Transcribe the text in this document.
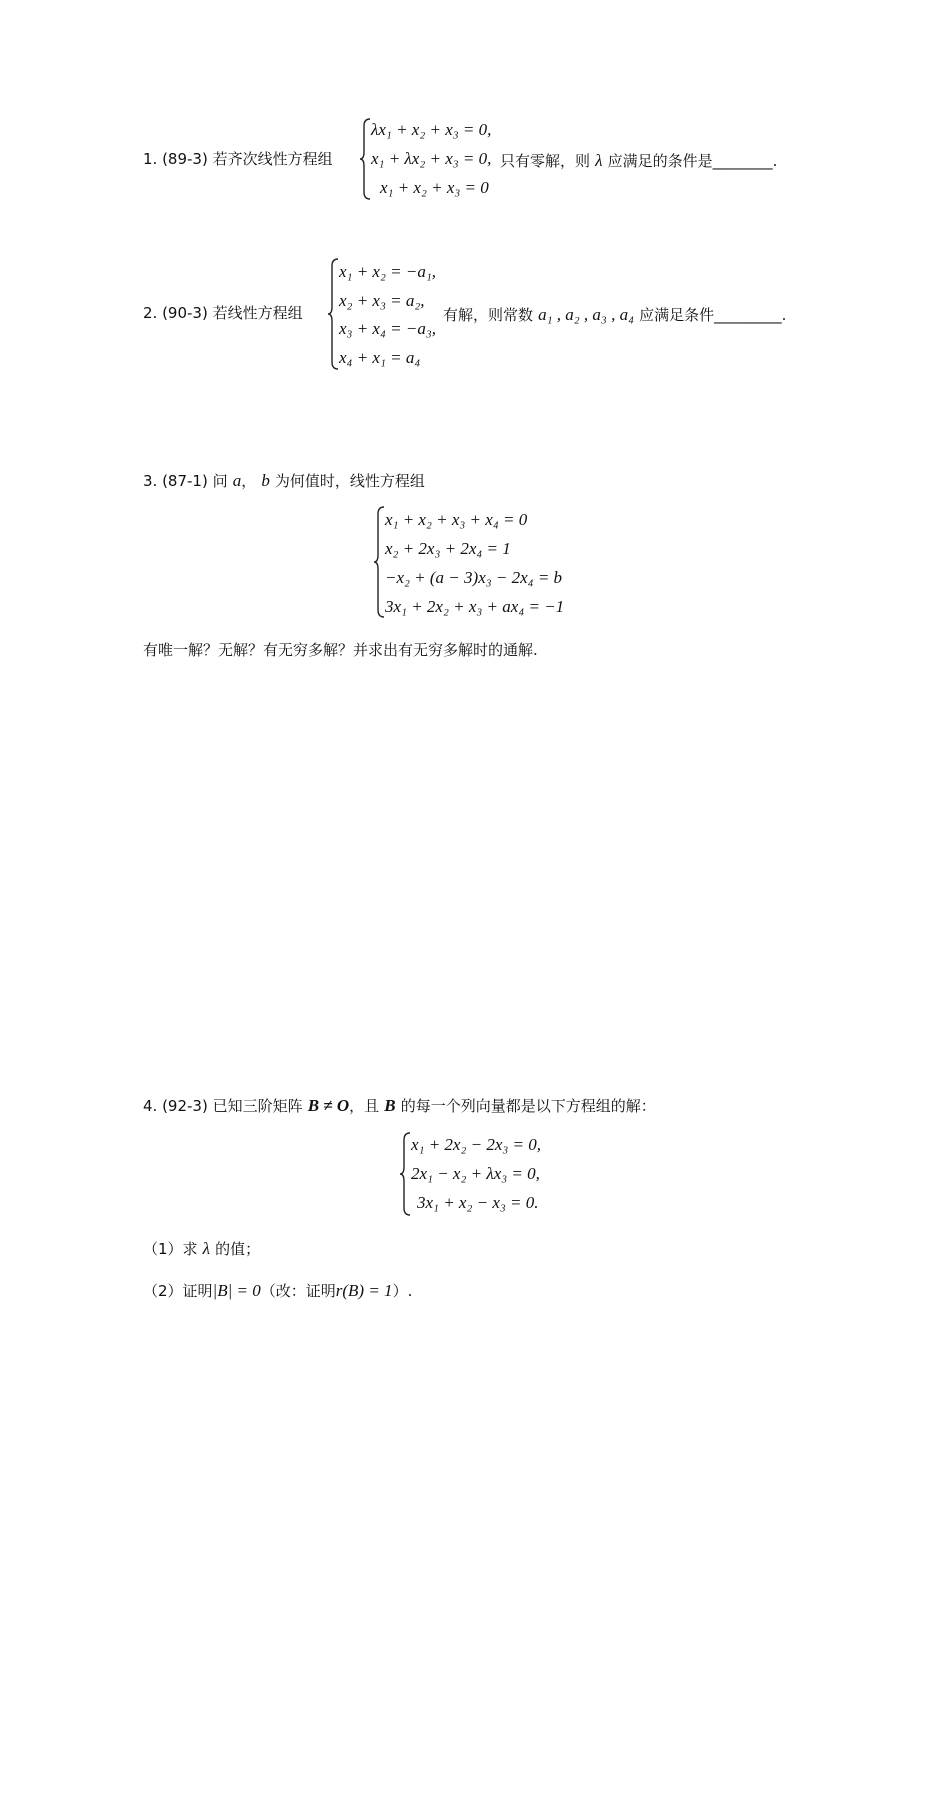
1. (89-3) 若齐次线性方程组
λx₁ + x₂ + x₃ = 0,
x₁ + λx₂ + x₃ = 0,
x₁ + x₂ + x₃ = 0
只有零解，则 λ 应满足的条件是________.
2. (90-3) 若线性方程组
x₁ + x₂ = −a₁,
x₂ + x₃ = a₂,
x₃ + x₄ = −a₃,
x₄ + x₁ = a₄
有解，则常数 a₁ , a₂ , a₃ , a₄ 应满足条件_________.
3. (87-1) 问 a， b 为何值时，线性方程组
x₁ + x₂ + x₃ + x₄ = 0
x₂ + 2x₃ + 2x₄ = 1
−x₂ + (a − 3)x₃ − 2x₄ = b
3x₁ + 2x₂ + x₃ + ax₄ = −1
有唯一解？无解？有无穷多解？并求出有无穷多解时的通解.
4. (92-3) 已知三阶矩阵 B ≠ O，且 B 的每一个列向量都是以下方程组的解：
x₁ + 2x₂ − 2x₃ = 0,
2x₁ − x₂ + λx₃ = 0,
3x₁ + x₂ − x₃ = 0.
（1）求 λ 的值；
（2）证明|B| = 0（改：证明r(B) = 1）.
